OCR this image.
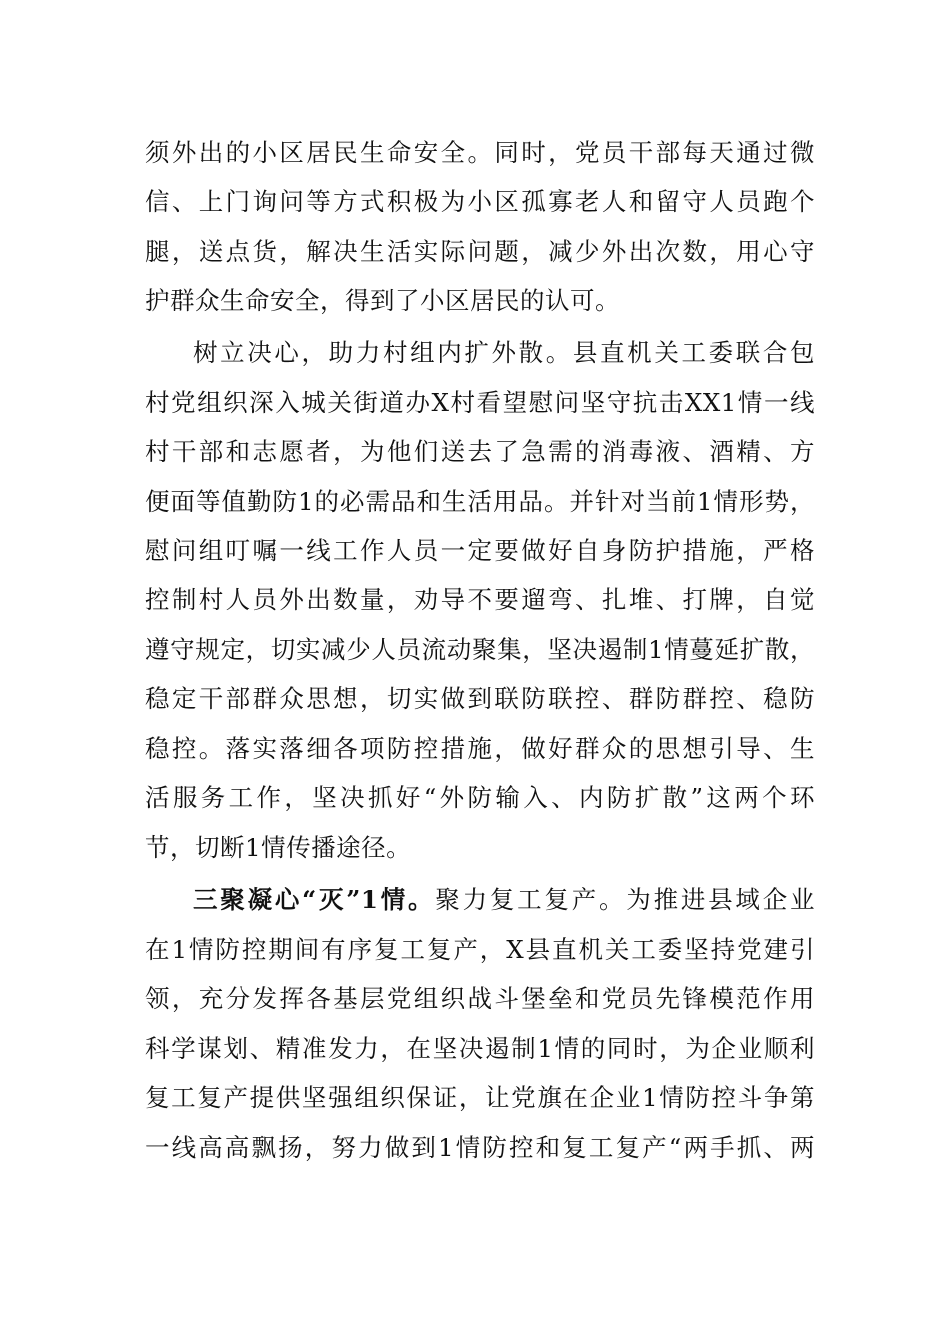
须外出的小区居民生命安全。同时，党员干部每天通过微
信、上门询问等方式积极为小区孤寡老人和留守人员跑个
腿，送点货，解决生活实际问题，减少外出次数，用心守
护群众生命安全，得到了小区居民的认可。
树立决心，助力村组内扩外散。县直机关工委联合包
村党组织深入城关街道办X村看望慰问坚守抗击XX1情一线
村干部和志愿者，为他们送去了急需的消毒液、酒精、方
便面等值勤防1的必需品和生活用品。并针对当前1情形势，
慰问组叮嘱一线工作人员一定要做好自身防护措施，严格
控制村人员外出数量，劝导不要遛弯、扎堆、打牌，自觉
遵守规定，切实减少人员流动聚集，坚决遏制1情蔓延扩散，
稳定干部群众思想，切实做到联防联控、群防群控、稳防
稳控。落实落细各项防控措施，做好群众的思想引导、生
活服务工作，坚决抓好“外防输入、内防扩散”这两个环
节，切断1情传播途径。
三聚凝心“灭”1情。聚力复工复产。为推进县域企业
在1情防控期间有序复工复产，X县直机关工委坚持党建引
领，充分发挥各基层党组织战斗堡垒和党员先锋模范作用
科学谋划、精准发力，在坚决遏制1情的同时，为企业顺利
复工复产提供坚强组织保证，让党旗在企业1情防控斗争第
一线高高飘扬，努力做到1情防控和复工复产“两手抓、两
